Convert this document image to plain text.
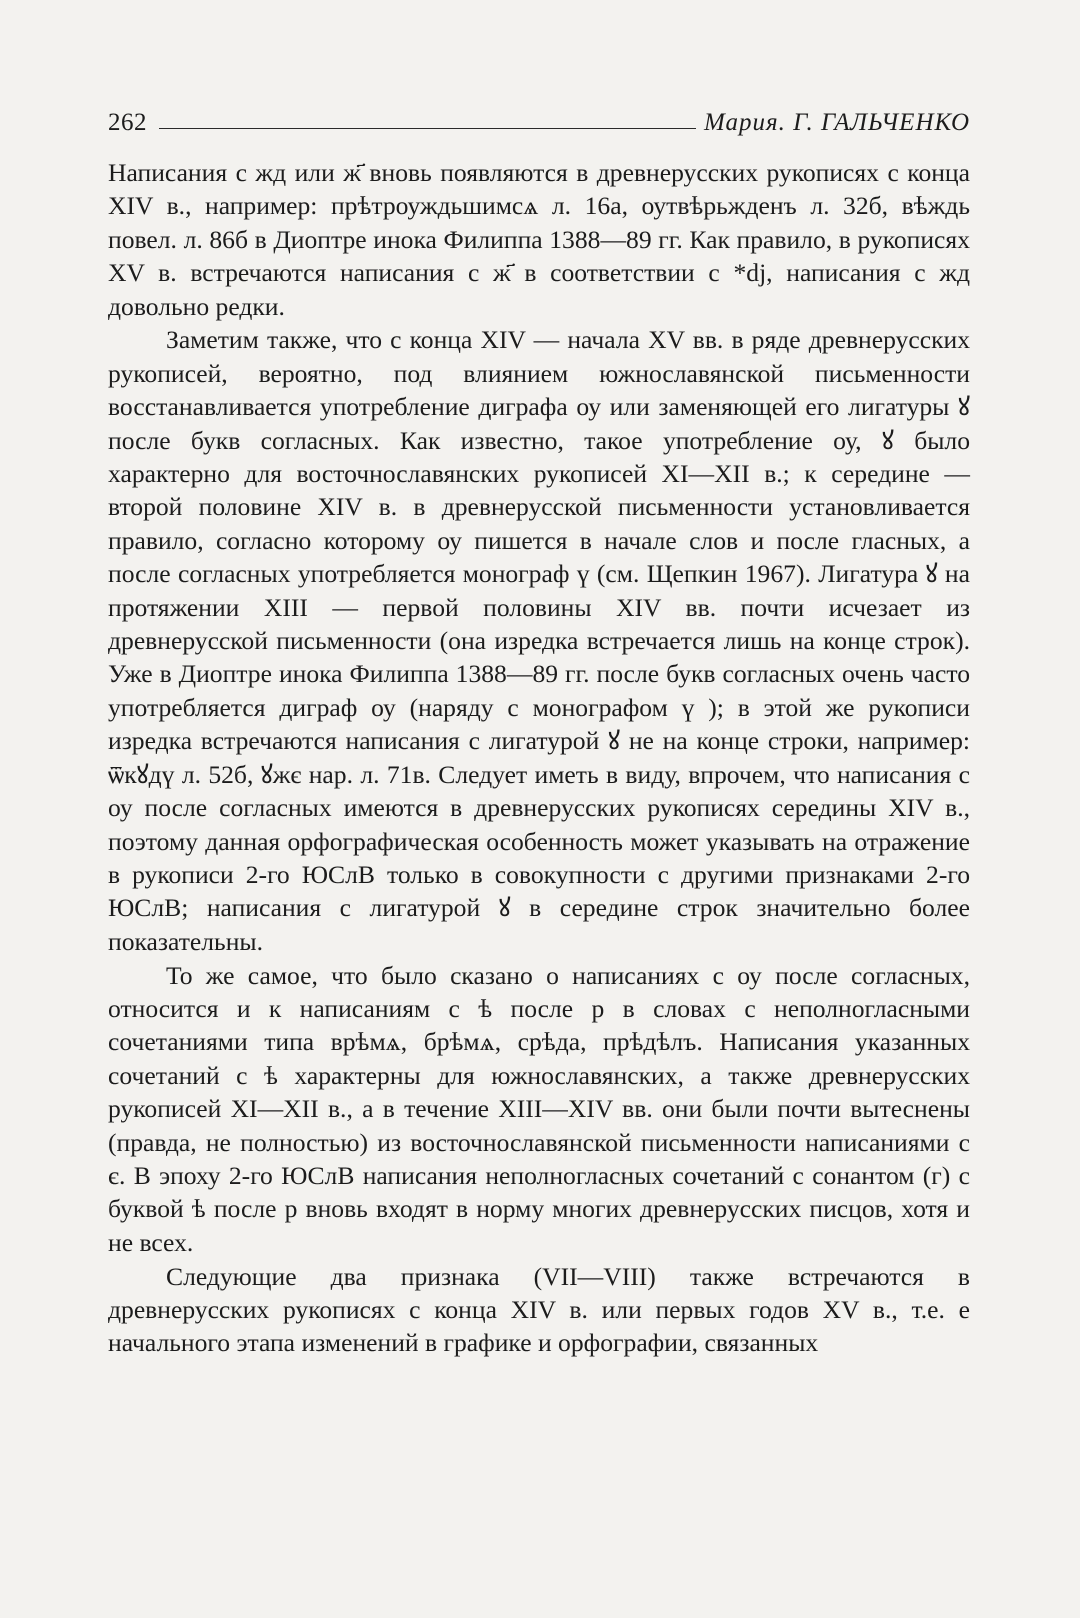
262	Мария. Г. ГАЛЬЧЕНКО

Написания с жд или ж҃ вновь появляются в древнерусских рукописях с конца XIV в., например: прѣтроуждьшимсѧ л. 16а, оутвѣрьжденъ л. 32б, вѣждь повел. л. 86б в Диоптре инока Филиппа 1388—89 гг. Как правило, в рукописях XV в. встречаются написания с ж҃ в соответствии с *dj, написания с жд довольно редки.

Заметим также, что с конца XIV — начала XV вв. в ряде древнерусских рукописей, вероятно, под влиянием южнославянской письменности восстанавливается употребление диграфа оу или заменяющей его лигатуры ꙋ после букв согласных. Как известно, такое употребление оу, ꙋ было характерно для восточнославянских рукописей XI—XII в.; к середине — второй половине XIV в. в древнерусской письменности установливается правило, согласно которому оу пишется в начале слов и после гласных, а после согласных употребляется монограф ү (см. Щепкин 1967). Лигатура ꙋ на протяжении XIII — первой половины XIV вв. почти исчезает из древнерусской письменности (она изредка встречается лишь на конце строк). Уже в Диоптре инока Филиппа 1388—89 гг. после букв согласных очень часто употребляется диграф оу (наряду с монографом ү ); в этой же рукописи изредка встречаются написания с лигатурой ꙋ не на конце строки, например: ѿкꙋдү л. 52б, ꙋжє нар. л. 71в. Следует иметь в виду, впрочем, что написания с оу после согласных имеются в древнерусских рукописях середины XIV в., поэтому данная орфографическая особенность может указывать на отражение в рукописи 2-го ЮСлВ только в совокупности с другими признаками 2-го ЮСлВ; написания с лигатурой ꙋ в середине строк значительно более показательны.

То же самое, что было сказано о написаниях с оу после согласных, относится и к написаниям с ѣ после р в словах с неполногласными сочетаниями типа врѣмѧ, брѣмѧ, срѣда, прѣдѣлъ. Написания указанных сочетаний с ѣ характерны для южнославянских, а также древнерусских рукописей XI—XII в., а в течение XIII—XIV вв. они были почти вытеснены (правда, не полностью) из восточнославянской письменности написаниями с є. В эпоху 2-го ЮСлВ написания неполногласных сочетаний с сонантом (г) с буквой ѣ после р вновь входят в норму многих древнерусских писцов, хотя и не всех.

Следующие два признака (VII—VIII) также встречаются в древнерусских рукописях с конца XIV в. или первых годов XV в., т.е. е начального этапа изменений в графике и орфографии, связанных
